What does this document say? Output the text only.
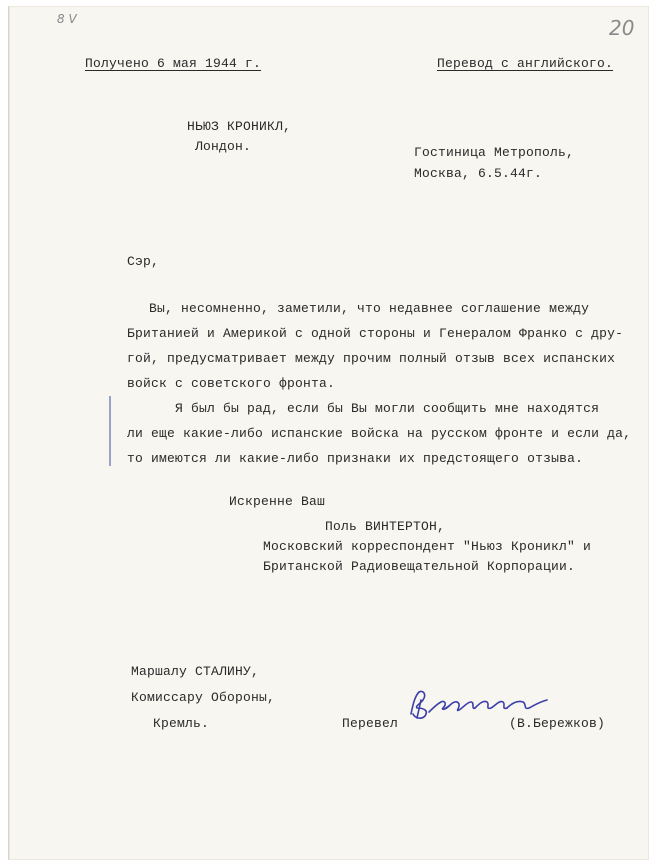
8 V	20
Получено 6 мая 1944 г.	Перевод с английского.
НЬЮЗ КРОНИКЛ,
Лондон.	Гостиница Метрополь,
Москва, 6.5.44г.
Сэр,
Вы, несомненно, заметили, что недавнее соглашение между
Британией и Америкой с одной стороны и Генералом Франко с дру-
гой, предусматривает между прочим полный отзыв всех испанских
войск с советского фронта.
Я был бы рад, если бы Вы могли сообщить мне находятся
ли еще какие-либо испанские войска на русском фронте и если да,
то имеются ли какие-либо признаки их предстоящего отзыва.
Искренне Ваш
Поль ВИНТЕРТОН,
Московский корреспондент "Ньюз Кроникл" и
Британской Радиовещательной Корпорации.
Маршалу СТАЛИНУ,
Комиссару Обороны,
Кремль.	Перевел	(В.Бережков)
